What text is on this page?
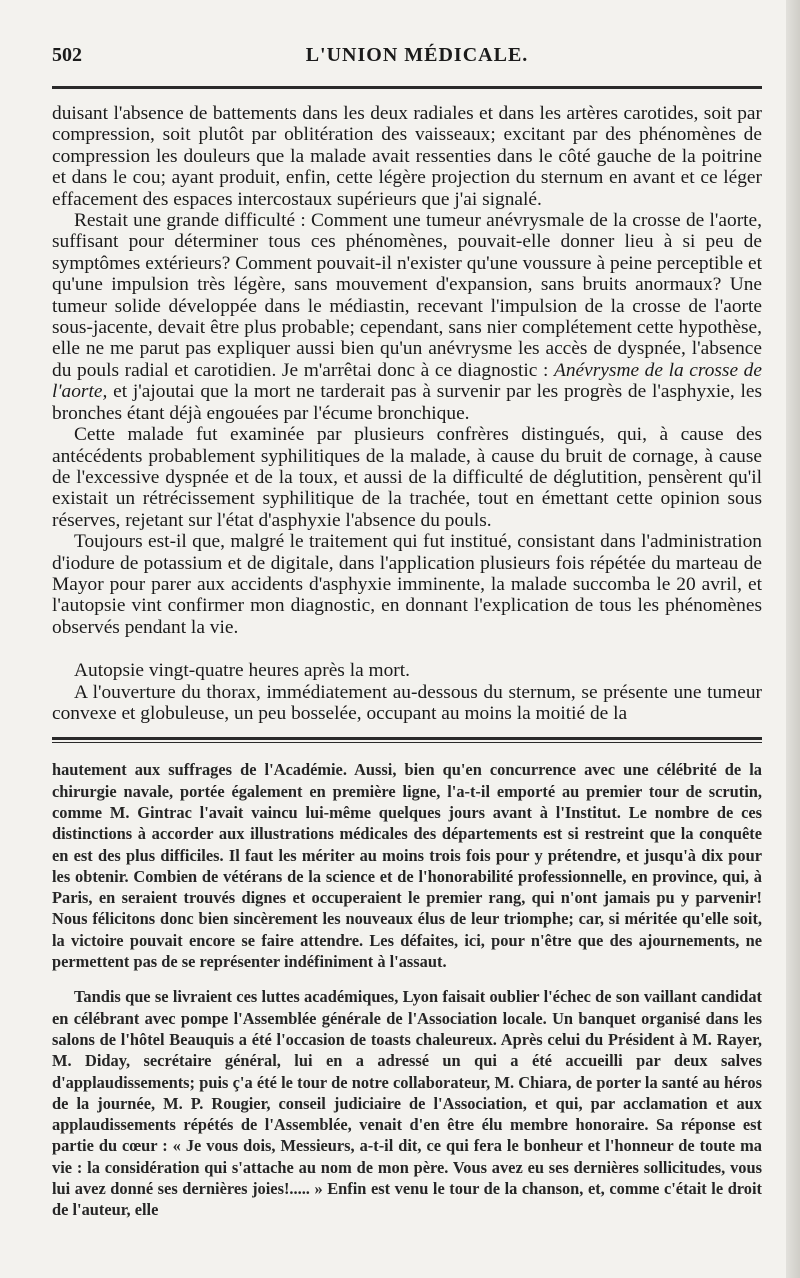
502	L'UNION MÉDICALE.

duisant l'absence de battements dans les deux radiales et dans les artères carotides, soit par compression, soit plutôt par oblitération des vaisseaux; excitant par des phénomènes de compression les douleurs que la malade avait ressenties dans le côté gauche de la poitrine et dans le cou; ayant produit, enfin, cette légère projection du sternum en avant et ce léger effacement des espaces intercostaux supérieurs que j'ai signalé.

Restait une grande difficulté : Comment une tumeur anévrysmale de la crosse de l'aorte, suffisant pour déterminer tous ces phénomènes, pouvait-elle donner lieu à si peu de symptômes extérieurs? Comment pouvait-il n'exister qu'une voussure à peine perceptible et qu'une impulsion très légère, sans mouvement d'expansion, sans bruits anormaux? Une tumeur solide développée dans le médiastin, recevant l'impulsion de la crosse de l'aorte sous-jacente, devait être plus probable; cependant, sans nier complétement cette hypothèse, elle ne me parut pas expliquer aussi bien qu'un anévrysme les accès de dyspnée, l'absence du pouls radial et carotidien. Je m'arrêtai donc à ce diagnostic : Anévrysme de la crosse de l'aorte, et j'ajoutai que la mort ne tarderait pas à survenir par les progrès de l'asphyxie, les bronches étant déjà engouées par l'écume bronchique.

Cette malade fut examinée par plusieurs confrères distingués, qui, à cause des antécédents probablement syphilitiques de la malade, à cause du bruit de cornage, à cause de l'excessive dyspnée et de la toux, et aussi de la difficulté de déglutition, pensèrent qu'il existait un rétrécissement syphilitique de la trachée, tout en émettant cette opinion sous réserves, rejetant sur l'état d'asphyxie l'absence du pouls.

Toujours est-il que, malgré le traitement qui fut institué, consistant dans l'administration d'iodure de potassium et de digitale, dans l'application plusieurs fois répétée du marteau de Mayor pour parer aux accidents d'asphyxie imminente, la malade succomba le 20 avril, et l'autopsie vint confirmer mon diagnostic, en donnant l'explication de tous les phénomènes observés pendant la vie.

Autopsie vingt-quatre heures après la mort.

A l'ouverture du thorax, immédiatement au-dessous du sternum, se présente une tumeur convexe et globuleuse, un peu bosselée, occupant au moins la moitié de la

hautement aux suffrages de l'Académie. Aussi, bien qu'en concurrence avec une célébrité de la chirurgie navale, portée également en première ligne, l'a-t-il emporté au premier tour de scrutin, comme M. Gintrac l'avait vaincu lui-même quelques jours avant à l'Institut. Le nombre de ces distinctions à accorder aux illustrations médicales des départements est si restreint que la conquête en est des plus difficiles. Il faut les mériter au moins trois fois pour y prétendre, et jusqu'à dix pour les obtenir. Combien de vétérans de la science et de l'honorabilité professionnelle, en province, qui, à Paris, en seraient trouvés dignes et occuperaient le premier rang, qui n'ont jamais pu y parvenir! Nous félicitons donc bien sincèrement les nouveaux élus de leur triomphe; car, si méritée qu'elle soit, la victoire pouvait encore se faire attendre. Les défaites, ici, pour n'être que des ajournements, ne permettent pas de se représenter indéfiniment à l'assaut.

Tandis que se livraient ces luttes académiques, Lyon faisait oublier l'échec de son vaillant candidat en célébrant avec pompe l'Assemblée générale de l'Association locale. Un banquet organisé dans les salons de l'hôtel Beauquis a été l'occasion de toasts chaleureux. Après celui du Président à M. Rayer, M. Diday, secrétaire général, lui en a adressé un qui a été accueilli par deux salves d'applaudissements; puis ç'a été le tour de notre collaborateur, M. Chiara, de porter la santé au héros de la journée, M. P. Rougier, conseil judiciaire de l'Association, et qui, par acclamation et aux applaudissements répétés de l'Assemblée, venait d'en être élu membre honoraire. Sa réponse est partie du cœur : « Je vous dois, Messieurs, a-t-il dit, ce qui fera le bonheur et l'honneur de toute ma vie : la considération qui s'attache au nom de mon père. Vous avez eu ses dernières sollicitudes, vous lui avez donné ses dernières joies!..... » Enfin est venu le tour de la chanson, et, comme c'était le droit de l'auteur, elle
